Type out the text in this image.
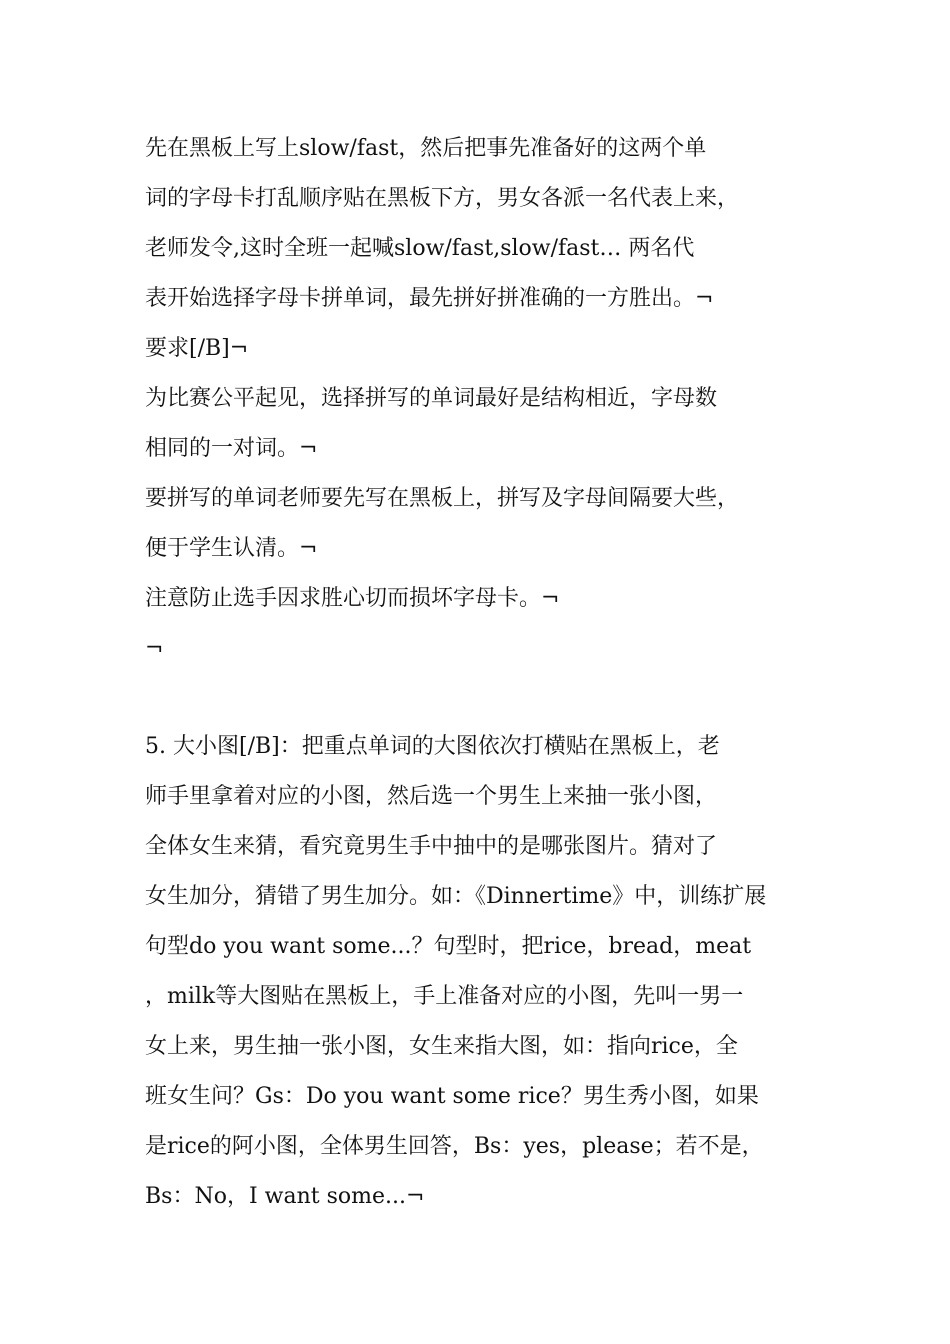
先在黑板上写上slow/fast，然后把事先准备好的这两个单
词的字母卡打乱顺序贴在黑板下方，男女各派一名代表上来，
老师发令,这时全班一起喊slow/fast,slow/fast… 两名代
表开始选择字母卡拼单词，最先拼好拼准确的一方胜出。¬
要求[/B]¬
为比赛公平起见，选择拼写的单词最好是结构相近，字母数
相同的一对词。¬
要拼写的单词老师要先写在黑板上，拼写及字母间隔要大些，
便于学生认清。¬
注意防止选手因求胜心切而损坏字母卡。¬
¬
5. 大小图[/B]：把重点单词的大图依次打横贴在黑板上，老
师手里拿着对应的小图，然后选一个男生上来抽一张小图，
全体女生来猜，看究竟男生手中抽中的是哪张图片。猜对了
女生加分，猜错了男生加分。如：《Dinnertime》中，训练扩展
句型do you want some...？句型时，把rice，bread，meat
，milk等大图贴在黑板上，手上准备对应的小图，先叫一男一
女上来，男生抽一张小图，女生来指大图，如：指向rice，全
班女生问？Gs：Do you want some rice？男生秀小图，如果
是rice的阿小图，全体男生回答，Bs：yes，please；若不是，
Bs：No，I want some...¬
